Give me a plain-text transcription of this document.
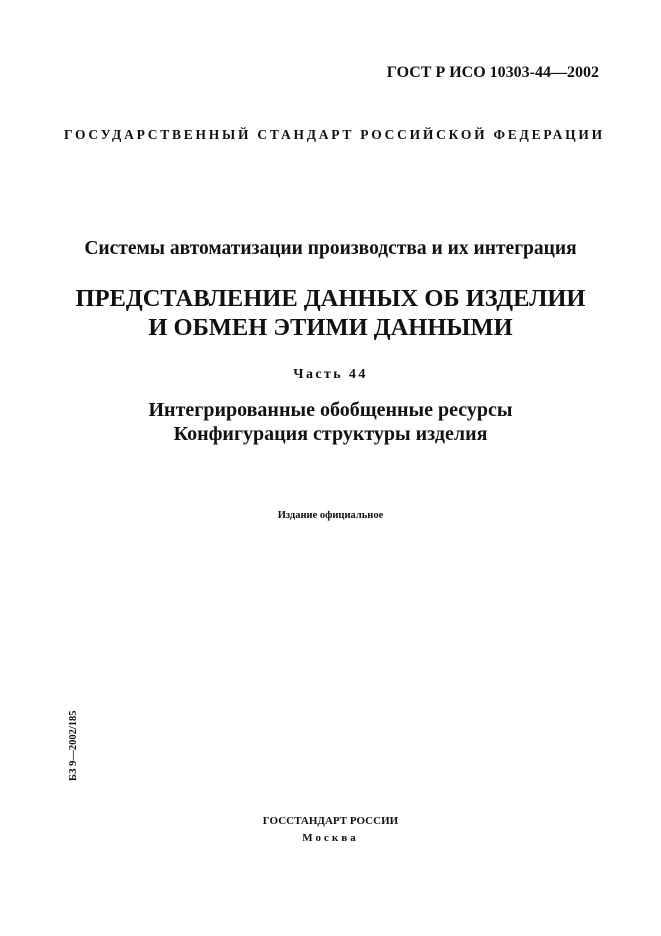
ГОСТ Р ИСО 10303-44—2002
ГОСУДАРСТВЕННЫЙ СТАНДАРТ РОССИЙСКОЙ ФЕДЕРАЦИИ
Системы автоматизации производства и их интеграция
ПРЕДСТАВЛЕНИЕ ДАННЫХ ОБ ИЗДЕЛИИ
И ОБМЕН ЭТИМИ ДАННЫМИ
Часть 44
Интегрированные обобщенные ресурсы
Конфигурация структуры изделия
Издание официальное
БЗ 9—2002/185
ГОССТАНДАРТ РОССИИ
Москва
